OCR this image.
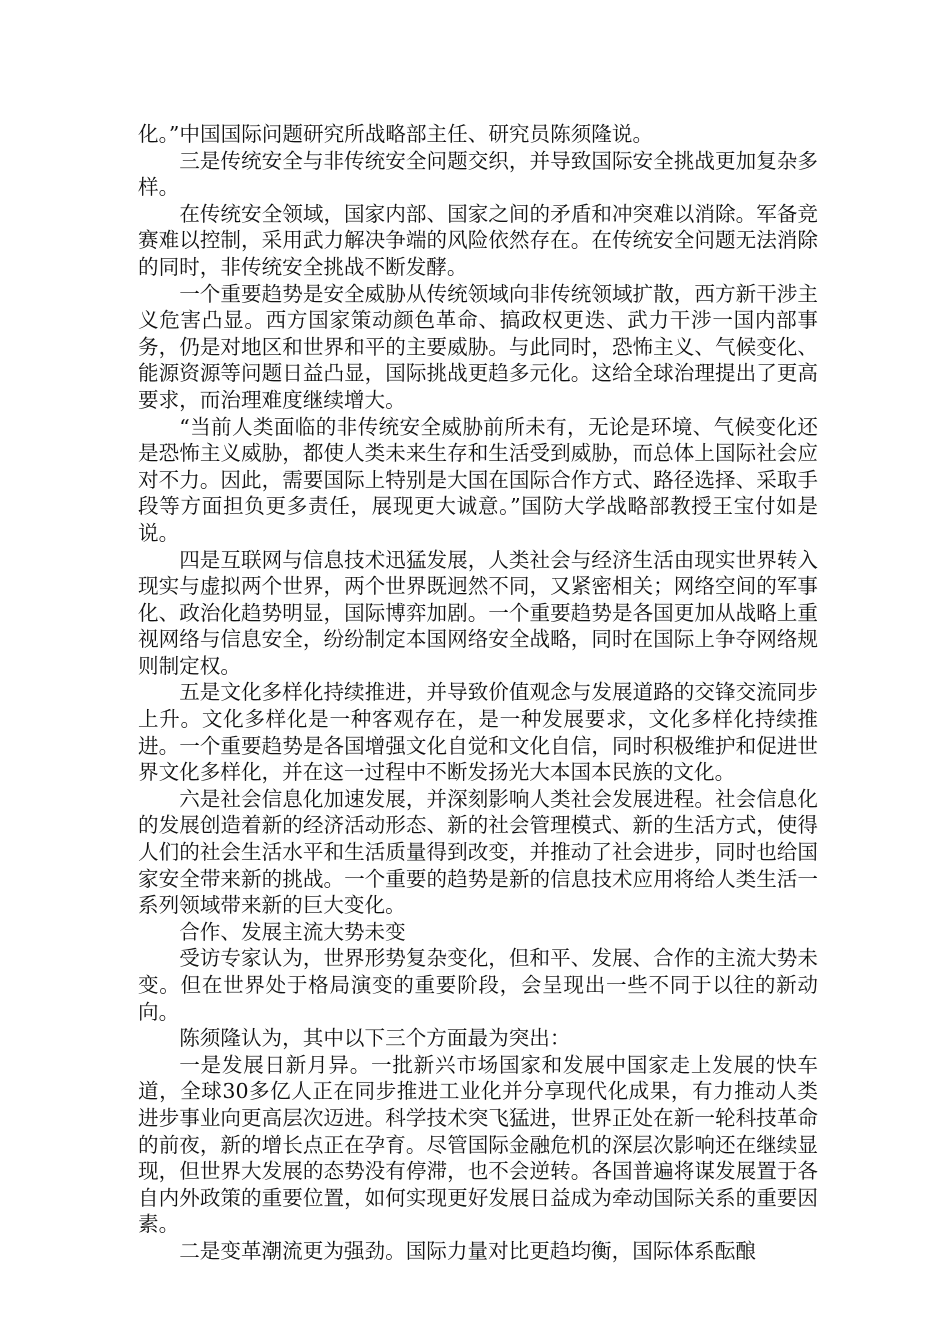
化。”中国国际问题研究所战略部主任、研究员陈须隆说。

三是传统安全与非传统安全问题交织，并导致国际安全挑战更加复杂多样。

在传统安全领域，国家内部、国家之间的矛盾和冲突难以消除。军备竞赛难以控制，采用武力解决争端的风险依然存在。在传统安全问题无法消除的同时，非传统安全挑战不断发酵。

一个重要趋势是安全威胁从传统领域向非传统领域扩散，西方新干涉主义危害凸显。西方国家策动颜色革命、搞政权更迭、武力干涉一国内部事务，仍是对地区和世界和平的主要威胁。与此同时，恐怖主义、气候变化、能源资源等问题日益凸显，国际挑战更趋多元化。这给全球治理提出了更高要求，而治理难度继续增大。

“当前人类面临的非传统安全威胁前所未有，无论是环境、气候变化还是恐怖主义威胁，都使人类未来生存和生活受到威胁，而总体上国际社会应对不力。因此，需要国际上特别是大国在国际合作方式、路径选择、采取手段等方面担负更多责任，展现更大诚意。”国防大学战略部教授王宝付如是说。

四是互联网与信息技术迅猛发展，人类社会与经济生活由现实世界转入现实与虚拟两个世界，两个世界既迥然不同，又紧密相关；网络空间的军事化、政治化趋势明显，国际博弈加剧。一个重要趋势是各国更加从战略上重视网络与信息安全，纷纷制定本国网络安全战略，同时在国际上争夺网络规则制定权。

五是文化多样化持续推进，并导致价值观念与发展道路的交锋交流同步上升。文化多样化是一种客观存在，是一种发展要求，文化多样化持续推进。一个重要趋势是各国增强文化自觉和文化自信，同时积极维护和促进世界文化多样化，并在这一过程中不断发扬光大本国本民族的文化。

六是社会信息化加速发展，并深刻影响人类社会发展进程。社会信息化的发展创造着新的经济活动形态、新的社会管理模式、新的生活方式，使得人们的社会生活水平和生活质量得到改变，并推动了社会进步，同时也给国家安全带来新的挑战。一个重要的趋势是新的信息技术应用将给人类生活一系列领域带来新的巨大变化。

合作、发展主流大势未变

受访专家认为，世界形势复杂变化，但和平、发展、合作的主流大势未变。但在世界处于格局演变的重要阶段，会呈现出一些不同于以往的新动向。

陈须隆认为，其中以下三个方面最为突出：

一是发展日新月异。一批新兴市场国家和发展中国家走上发展的快车道，全球30多亿人正在同步推进工业化并分享现代化成果，有力推动人类进步事业向更高层次迈进。科学技术突飞猛进，世界正处在新一轮科技革命的前夜，新的增长点正在孕育。尽管国际金融危机的深层次影响还在继续显现，但世界大发展的态势没有停滞，也不会逆转。各国普遍将谋发展置于各自内外政策的重要位置，如何实现更好发展日益成为牵动国际关系的重要因素。

二是变革潮流更为强劲。国际力量对比更趋均衡，国际体系酝酿
